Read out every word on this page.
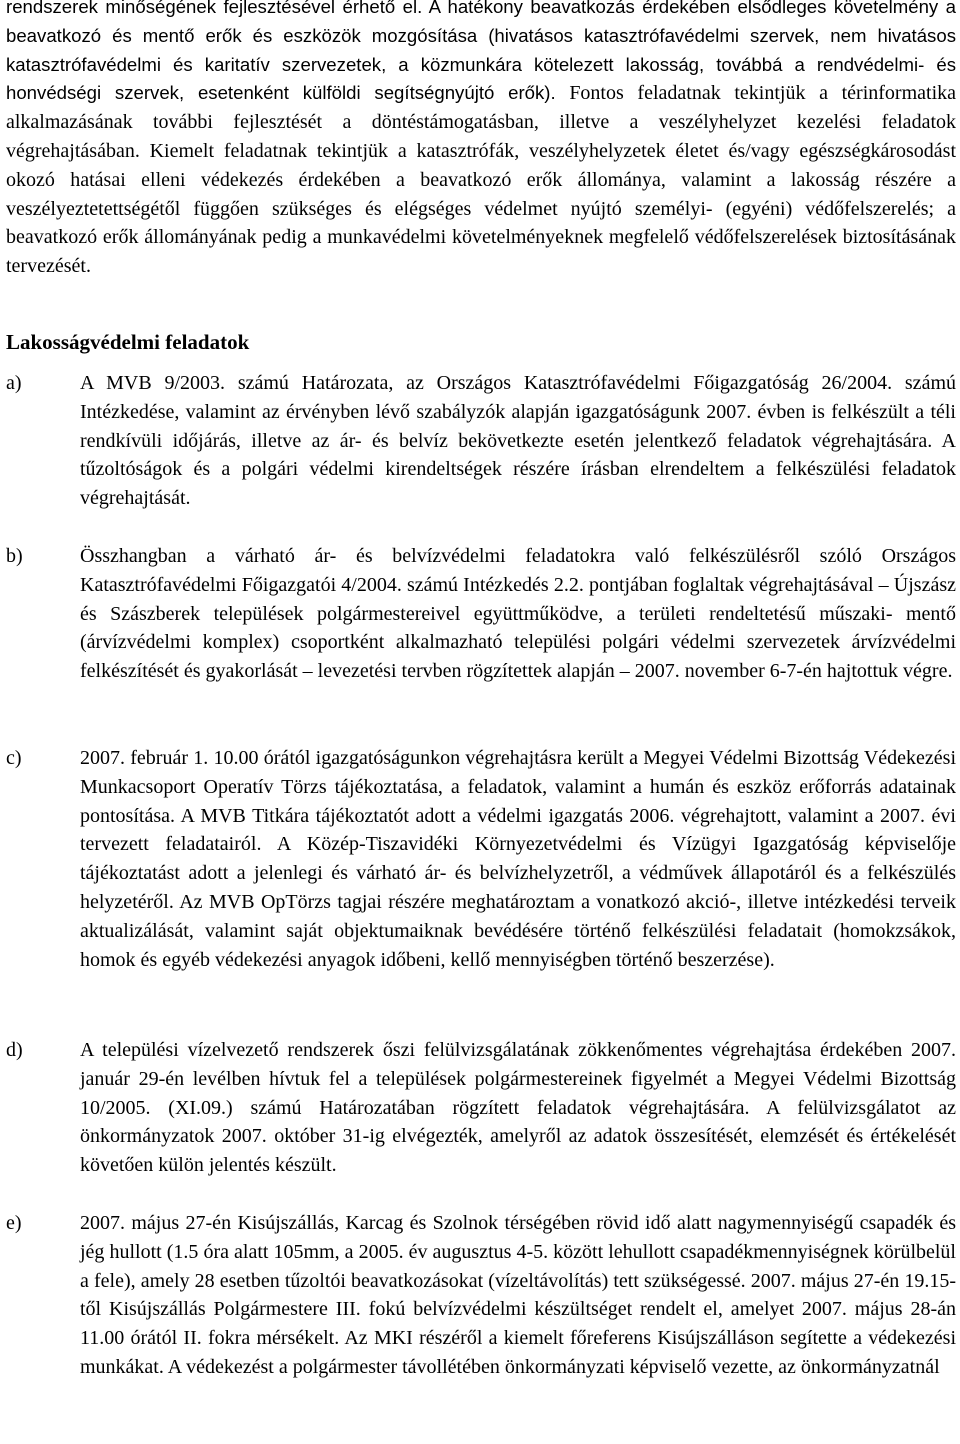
rendszerek minőségének fejlesztésével érhető el. A hatékony beavatkozás érdekében elsődleges követelmény a beavatkozó és mentő erők és eszközök mozgósítása (hivatásos katasztrófavédelmi szervek, nem hivatásos katasztrófavédelmi és karitatív szervezetek, a közmunkára kötelezett lakosság, továbbá a rendvédelmi- és honvédségi szervek, esetenként külföldi segítségnyújtó erők). Fontos feladatnak tekintjük a térinformatika alkalmazásának további fejlesztését a döntéstámogatásban, illetve a veszélyhelyzet kezelési feladatok végrehajtásában. Kiemelt feladatnak tekintjük a katasztrófák, veszélyhelyzetek életet és/vagy egészségkárosodást okozó hatásai elleni védekezés érdekében a beavatkozó erők állománya, valamint a lakosság részére a veszélyeztetettségétől függően szükséges és elégséges védelmet nyújtó személyi- (egyéni) védőfelszerelés; a beavatkozó erők állományának pedig a munkavédelmi követelményeknek megfelelő védőfelszerelések biztosításának tervezését.

Lakosságvédelmi feladatok
a)	A MVB 9/2003. számú Határozata, az Országos Katasztrófavédelmi Főigazgatóság 26/2004. számú Intézkedése, valamint az érvényben lévő szabályzók alapján igazgatóságunk 2007. évben is felkészült a téli rendkívüli időjárás, illetve az ár- és belvíz bekövetkezte esetén jelentkező feladatok végrehajtására. A tűzoltóságok és a polgári védelmi kirendeltségek részére írásban elrendeltem a felkészülési feladatok végrehajtását.
b)	Összhangban a várható ár- és belvízvédelmi feladatokra való felkészülésről szóló Országos Katasztrófavédelmi Főigazgatói 4/2004. számú Intézkedés 2.2. pontjában foglaltak végrehajtásával – Újszász és Szászberek települések polgármestereivel együttműködve, a területi rendeltetésű műszaki- mentő (árvízvédelmi komplex) csoportként alkalmazható települési polgári védelmi szervezetek árvízvédelmi felkészítését és gyakorlását – levezetési tervben rögzítettek alapján – 2007. november 6-7-én hajtottuk végre.
c)	2007. február 1. 10.00 órától igazgatóságunkon végrehajtásra került a Megyei Védelmi Bizottság Védekezési Munkacsoport Operatív Törzs tájékoztatása, a feladatok, valamint a humán és eszköz erőforrás adatainak pontosítása. A MVB Titkára tájékoztatót adott a védelmi igazgatás 2006. végrehajtott, valamint a 2007. évi tervezett feladatairól. A Közép-Tiszavidéki Környezetvédelmi és Vízügyi Igazgatóság képviselője tájékoztatást adott a jelenlegi és várható ár- és belvízhelyzetről, a védművek állapotáról és a felkészülés helyzetéről. Az MVB OpTörzs tagjai részére meghatároztam a vonatkozó akció-, illetve intézkedési terveik aktualizálását, valamint saját objektumaiknak bevédésére történő felkészülési feladatait (homokzsákok, homok és egyéb védekezési anyagok időbeni, kellő mennyiségben történő beszerzése).
d)	A települési vízelvezető rendszerek őszi felülvizsgálatának zökkenőmentes végrehajtása érdekében 2007. január 29-én levélben hívtuk fel a települések polgármestereinek figyelmét a Megyei Védelmi Bizottság 10/2005. (XI.09.) számú Határozatában rögzített feladatok végrehajtására. A felülvizsgálatot az önkormányzatok 2007. október 31-ig elvégezték, amelyről az adatok összesítését, elemzését és értékelését követően külön jelentés készült.
e)	2007. május 27-én Kisújszállás, Karcag és Szolnok térségében rövid idő alatt nagymennyiségű csapadék és jég hullott (1.5 óra alatt 105mm, a 2005. év augusztus 4-5. között lehullott csapadékmennyiségnek körülbelül a fele), amely 28 esetben tűzoltói beavatkozásokat (vízeltávolítás) tett szükségessé. 2007. május 27-én 19.15-től Kisújszállás Polgármestere III. fokú belvízvédelmi készültséget rendelt el, amelyet 2007. május 28-án 11.00 órától II. fokra mérsékelt. Az MKI részéről a kiemelt főreferens Kisújszálláson segítette a védekezési munkákat. A védekezést a polgármester távollétében önkormányzati képviselő vezette, az önkormányzatnál
